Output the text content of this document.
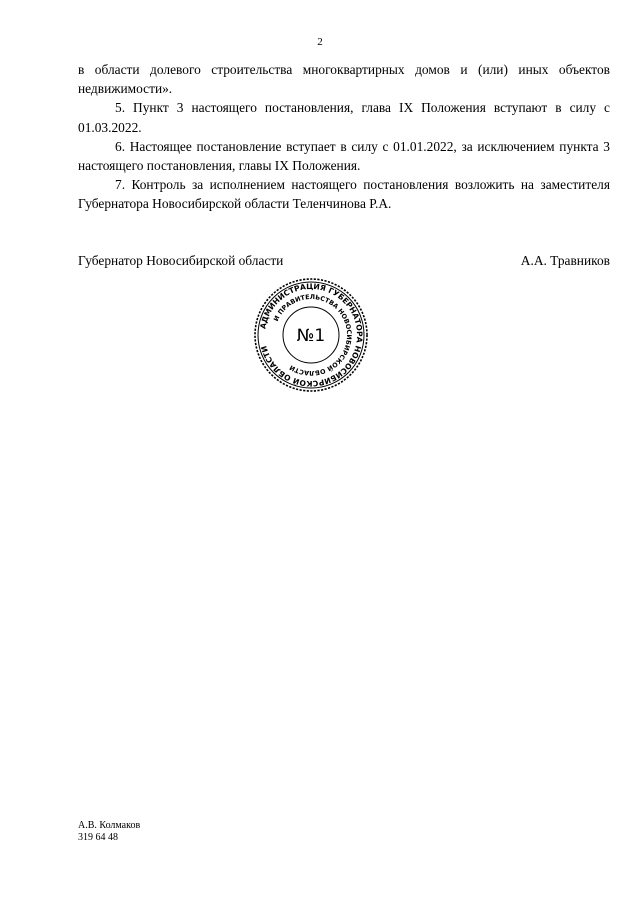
2

в области долевого строительства многоквартирных домов и (или) иных объектов недвижимости».

5. Пункт 3 настоящего постановления, глава IX Положения вступают в силу с 01.03.2022.

6. Настоящее постановление вступает в силу с 01.01.2022, за исключением пункта 3 настоящего постановления, главы IX Положения.

7. Контроль за исполнением настоящего постановления возложить на заместителя Губернатора Новосибирской области Теленчинова Р.А.

Губернатор Новосибирской области	А.А. Травников
АДМИНИСТРАЦИЯ ГУБЕРНАТОРА НОВОСИБИРСКОЙ ОБЛАСТИ
И ПРАВИТЕЛЬСТВА НОВОСИБИРСКОЙ ОБЛАСТИ
№1
А.В. Колмаков
319 64 48
